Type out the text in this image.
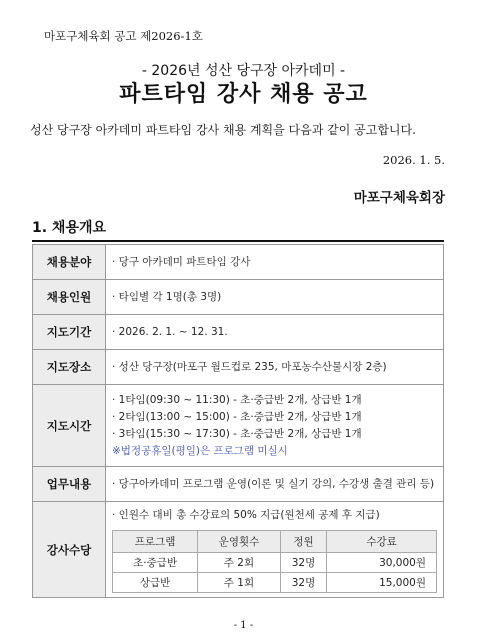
마포구체육회 공고 제2026-1호
- 2026년 성산 당구장 아카데미 -
파트타임 강사 채용 공고
성산 당구장 아카데미 파트타임 강사 채용 계획을 다음과 같이 공고합니다.
2026. 1. 5.
마포구체육회장
1. 채용개요
채용분야	· 당구 아카데미 파트타임 강사

채용인원	· 타임별 각 1명(총 3명)

지도기간	· 2026. 2. 1. ~ 12. 31.

지도장소	· 성산 당구장(마포구 월드컵로 235, 마포농수산물시장 2층)

지도시간	
· 1타임(09:30 ~ 11:30) - 초·중급반 2개, 상급반 1개
· 2타임(13:00 ~ 15:00) - 초·중급반 2개, 상급반 1개
· 3타임(15:30 ~ 17:30) - 초·중급반 2개, 상급반 1개
※법정공휴일(평일)은 프로그램 미실시

업무내용	· 당구아카데미 프로그램 운영(이론 및 실기 강의, 수강생 출결 관리 등)

강사수당	
· 인원수 대비 총 수강료의 50% 지급(원천세 공제 후 지급)
프로그램	운영횟수	정원	수강료
초·중급반	주 2회	32명	30,000원
상급반	주 1회	32명	15,000원
- 1 -
